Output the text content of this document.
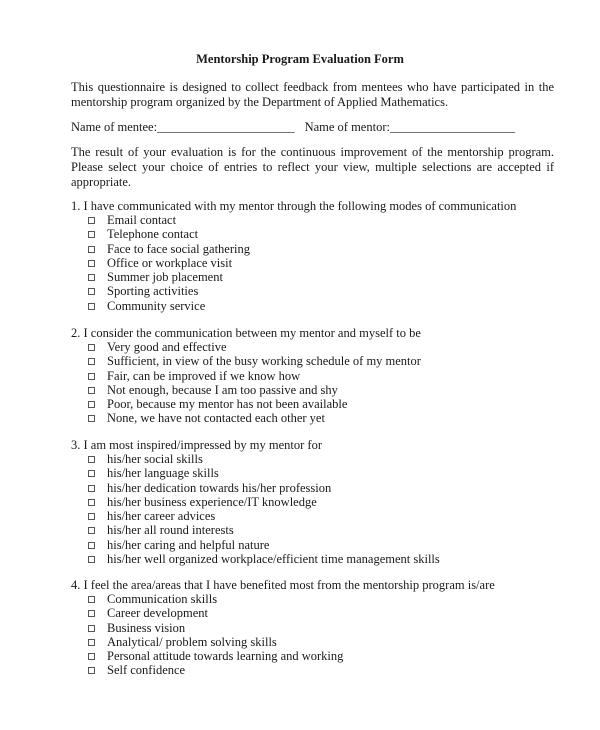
Mentorship Program Evaluation Form
This questionnaire is designed to collect feedback from mentees who have participated in the mentorship program organized by the Department of Applied Mathematics.
Name of mentee:______________________ Name of mentor:____________________
The result of your evaluation is for the continuous improvement of the mentorship program. Please select your choice of entries to reflect your view, multiple selections are accepted if appropriate.
1. I have communicated with my mentor through the following modes of communication
Email contact
Telephone contact
Face to face social gathering
Office or workplace visit
Summer job placement
Sporting activities
Community service
2. I consider the communication between my mentor and myself to be
Very good and effective
Sufficient, in view of the busy working schedule of my mentor
Fair, can be improved if we know how
Not enough, because I am too passive and shy
Poor, because my mentor has not been available
None, we have not contacted each other yet
3. I am most inspired/impressed by my mentor for
his/her social skills
his/her language skills
his/her dedication towards his/her profession
his/her business experience/IT knowledge
his/her career advices
his/her all round interests
his/her caring and helpful nature
his/her well organized workplace/efficient time management skills
4. I feel the area/areas that I have benefited most from the mentorship program is/are
Communication skills
Career development
Business vision
Analytical/ problem solving skills
Personal attitude towards learning and working
Self confidence
